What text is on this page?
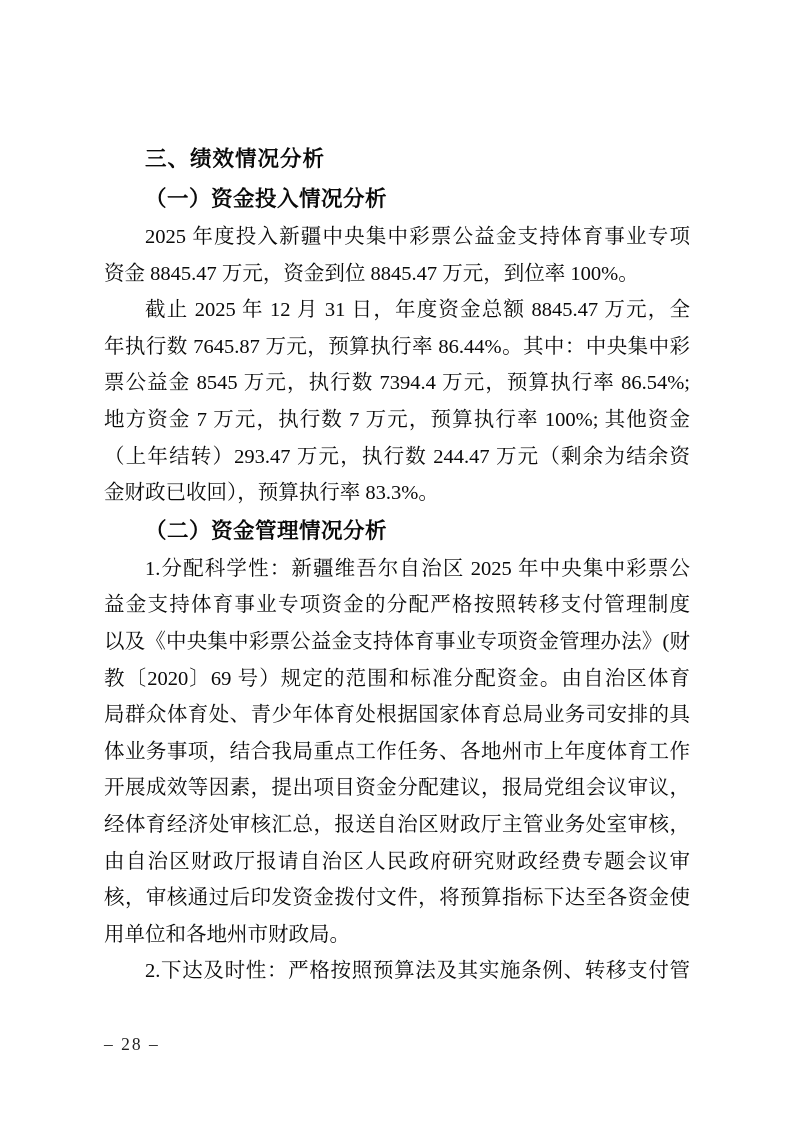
三、绩效情况分析
（一）资金投入情况分析
2025 年度投入新疆中央集中彩票公益金支持体育事业专项
资金 8845.47 万元，资金到位 8845.47 万元，到位率 100%。
截止 2025 年 12 月 31 日，年度资金总额 8845.47 万元，全
年执行数 7645.87 万元，预算执行率 86.44%。其中：中央集中彩
票公益金 8545 万元，执行数 7394.4 万元，预算执行率 86.54%;
地方资金 7 万元，执行数 7 万元，预算执行率 100%; 其他资金
（上年结转）293.47 万元，执行数 244.47 万元（剩余为结余资
金财政已收回），预算执行率 83.3%。
（二）资金管理情况分析
1.分配科学性：新疆维吾尔自治区 2025 年中央集中彩票公
益金支持体育事业专项资金的分配严格按照转移支付管理制度
以及《中央集中彩票公益金支持体育事业专项资金管理办法》(财
教〔2020〕69 号）规定的范围和标准分配资金。由自治区体育
局群众体育处、青少年体育处根据国家体育总局业务司安排的具
体业务事项，结合我局重点工作任务、各地州市上年度体育工作
开展成效等因素，提出项目资金分配建议，报局党组会议审议，
经体育经济处审核汇总，报送自治区财政厅主管业务处室审核，
由自治区财政厅报请自治区人民政府研究财政经费专题会议审
核，审核通过后印发资金拨付文件，将预算指标下达至各资金使
用单位和各地州市财政局。
2.下达及时性：严格按照预算法及其实施条例、转移支付管
– 28 –
